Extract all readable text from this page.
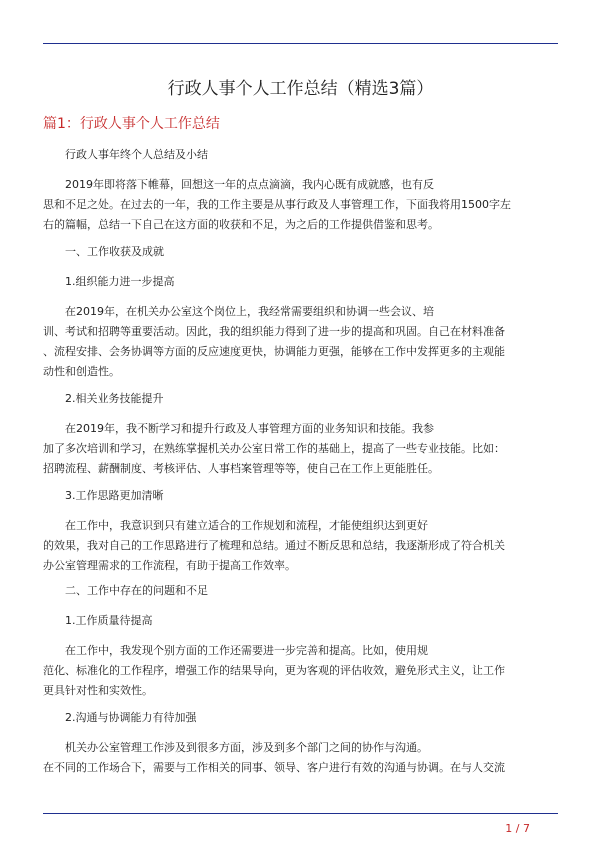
行政人事个人工作总结（精选3篇）
篇1：行政人事个人工作总结
行政人事年终个人总结及小结
2019年即将落下帷幕，回想这一年的点点滴滴，我内心既有成就感，也有反
思和不足之处。在过去的一年，我的工作主要是从事行政及人事管理工作，下面我将用1500字左
右的篇幅，总结一下自己在这方面的收获和不足，为之后的工作提供借鉴和思考。
一、工作收获及成就
1.组织能力进一步提高
在2019年，在机关办公室这个岗位上，我经常需要组织和协调一些会议、培
训、考试和招聘等重要活动。因此，我的组织能力得到了进一步的提高和巩固。自己在材料准备
、流程安排、会务协调等方面的反应速度更快，协调能力更强，能够在工作中发挥更多的主观能
动性和创造性。
2.相关业务技能提升
在2019年，我不断学习和提升行政及人事管理方面的业务知识和技能。我参
加了多次培训和学习，在熟练掌握机关办公室日常工作的基础上，提高了一些专业技能。比如：
招聘流程、薪酬制度、考核评估、人事档案管理等等，使自己在工作上更能胜任。
3.工作思路更加清晰
在工作中，我意识到只有建立适合的工作规划和流程，才能使组织达到更好
的效果，我对自己的工作思路进行了梳理和总结。通过不断反思和总结，我逐渐形成了符合机关
办公室管理需求的工作流程，有助于提高工作效率。
二、工作中存在的问题和不足
1.工作质量待提高
在工作中，我发现个别方面的工作还需要进一步完善和提高。比如，使用规
范化、标准化的工作程序，增强工作的结果导向，更为客观的评估收效，避免形式主义，让工作
更具针对性和实效性。
2.沟通与协调能力有待加强
机关办公室管理工作涉及到很多方面，涉及到多个部门之间的协作与沟通。
在不同的工作场合下，需要与工作相关的同事、领导、客户进行有效的沟通与协调。在与人交流
1 / 7
